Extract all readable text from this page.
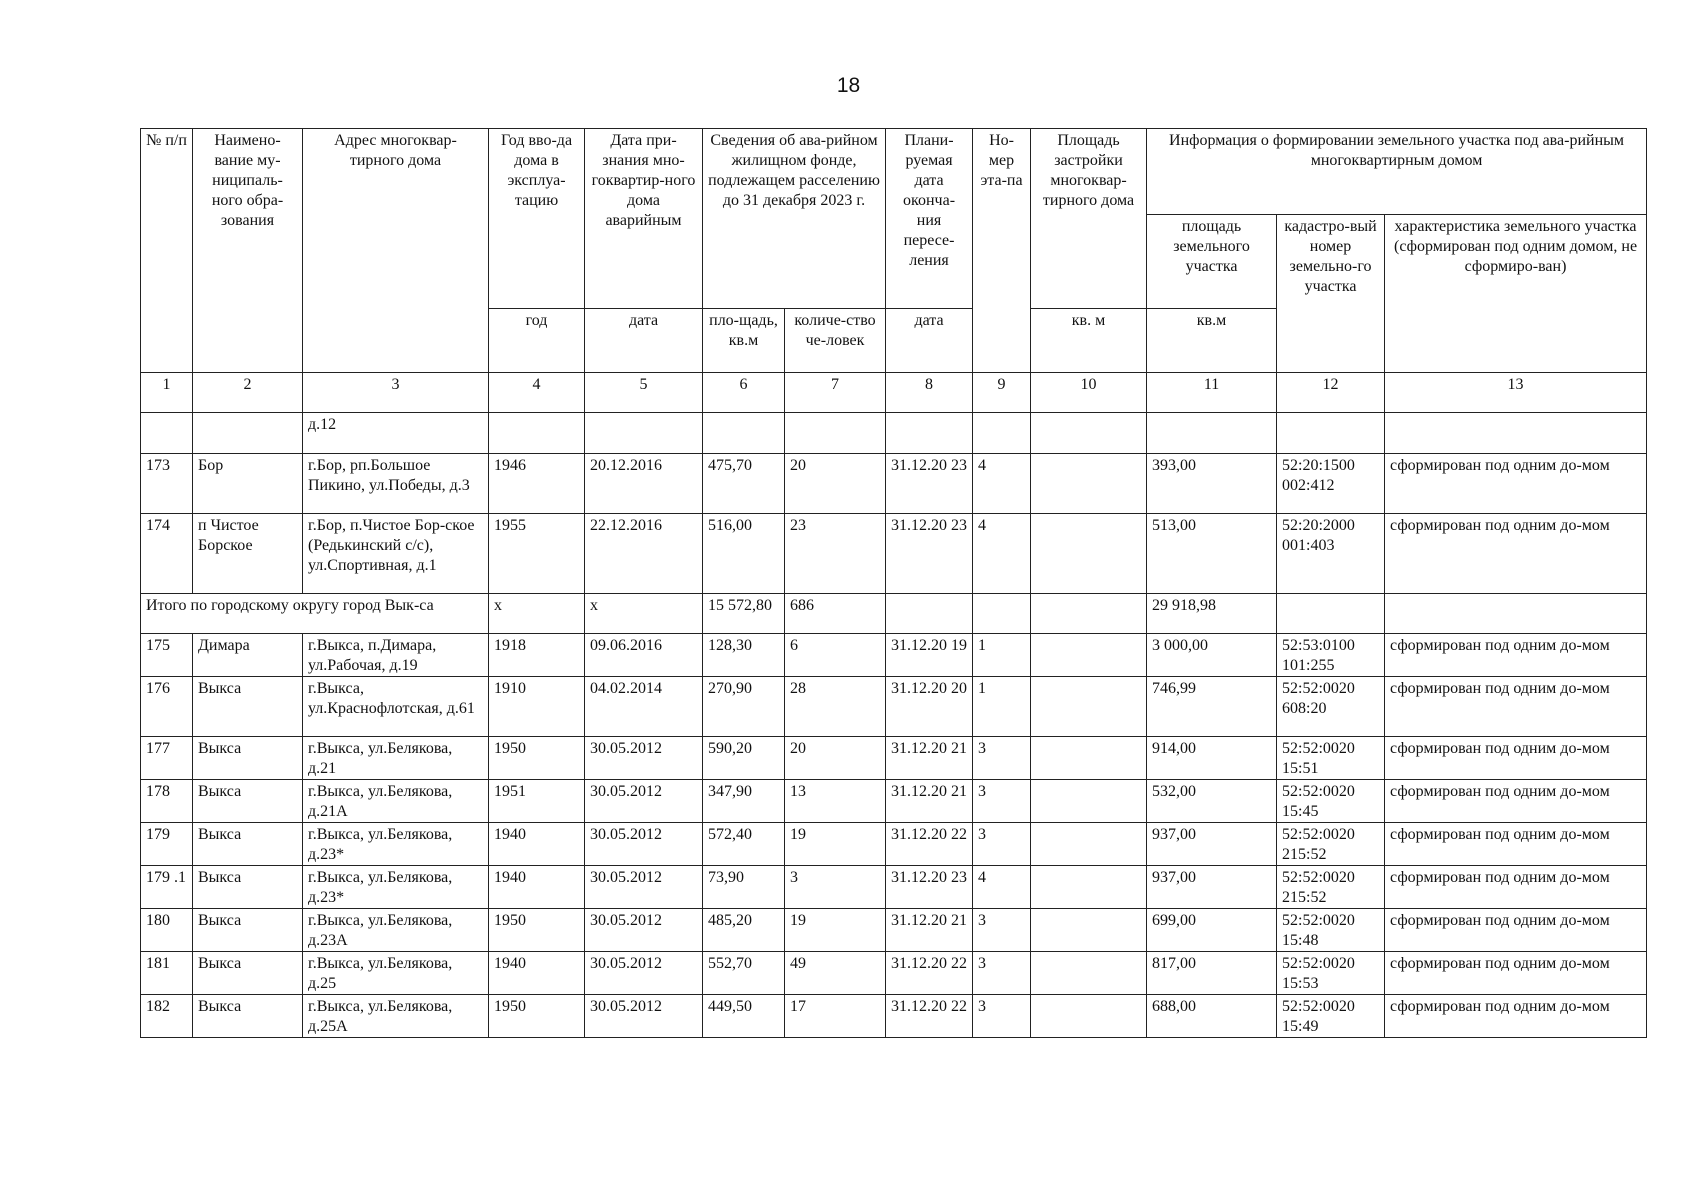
18
№ п/п	Наимено-вание му-ниципаль-ного обра-зования	Адрес многоквар-тирного дома	Год вво-да дома в эксплуа-тацию	Дата при-знания мно-гоквартир-ного дома аварийным	Сведения об ава-рийном жилищном фонде, подлежащем расселению до 31 декабря 2023 г.		Плани-руемая дата оконча-ния пересе-ления	Но-мер эта-па	Площадь застройки многоквар-тирного дома	Информация о формировании земельного участка под ава-рийным многоквартирным домом		
										площадь земельного участка	кадастро-вый номер земельно-го участка	характеристика земельного участка (сформирован под одним домом, не сформиро-ван)
			год	дата	пло-щадь, кв.м	количе-ство че-ловек	дата		кв. м	кв.м		
1	2	3	4	5	6	7	8	9	10	11	12	13
		д.12										
173	Бор	г.Бор, рп.Большое Пикино, ул.Победы, д.3	1946	20.12.2016	475,70	20	31.12.20 23	4		393,00	52:20:1500 002:412	сформирован под одним до-мом
174	п Чистое Борское	г.Бор, п.Чистое Бор-ское (Редькинский с/с), ул.Спортивная, д.1	1955	22.12.2016	516,00	23	31.12.20 23	4		513,00	52:20:2000 001:403	сформирован под одним до-мом
Итого по городскому округу город Вык-са			х	х	15 572,80	686				29 918,98		
175	Димара	г.Выкса, п.Димара, ул.Рабочая, д.19	1918	09.06.2016	128,30	6	31.12.20 19	1		3 000,00	52:53:0100 101:255	сформирован под одним до-мом
176	Выкса	г.Выкса, ул.Краснофлотская, д.61	1910	04.02.2014	270,90	28	31.12.20 20	1		746,99	52:52:0020 608:20	сформирован под одним до-мом
177	Выкса	г.Выкса, ул.Белякова, д.21	1950	30.05.2012	590,20	20	31.12.20 21	3		914,00	52:52:0020 15:51	сформирован под одним до-мом
178	Выкса	г.Выкса, ул.Белякова, д.21А	1951	30.05.2012	347,90	13	31.12.20 21	3		532,00	52:52:0020 15:45	сформирован под одним до-мом
179	Выкса	г.Выкса, ул.Белякова, д.23*	1940	30.05.2012	572,40	19	31.12.20 22	3		937,00	52:52:0020 215:52	сформирован под одним до-мом
179 .1	Выкса	г.Выкса, ул.Белякова, д.23*	1940	30.05.2012	73,90	3	31.12.20 23	4		937,00	52:52:0020 215:52	сформирован под одним до-мом
180	Выкса	г.Выкса, ул.Белякова, д.23А	1950	30.05.2012	485,20	19	31.12.20 21	3		699,00	52:52:0020 15:48	сформирован под одним до-мом
181	Выкса	г.Выкса, ул.Белякова, д.25	1940	30.05.2012	552,70	49	31.12.20 22	3		817,00	52:52:0020 15:53	сформирован под одним до-мом
182	Выкса	г.Выкса, ул.Белякова, д.25А	1950	30.05.2012	449,50	17	31.12.20 22	3		688,00	52:52:0020 15:49	сформирован под одним до-мом
